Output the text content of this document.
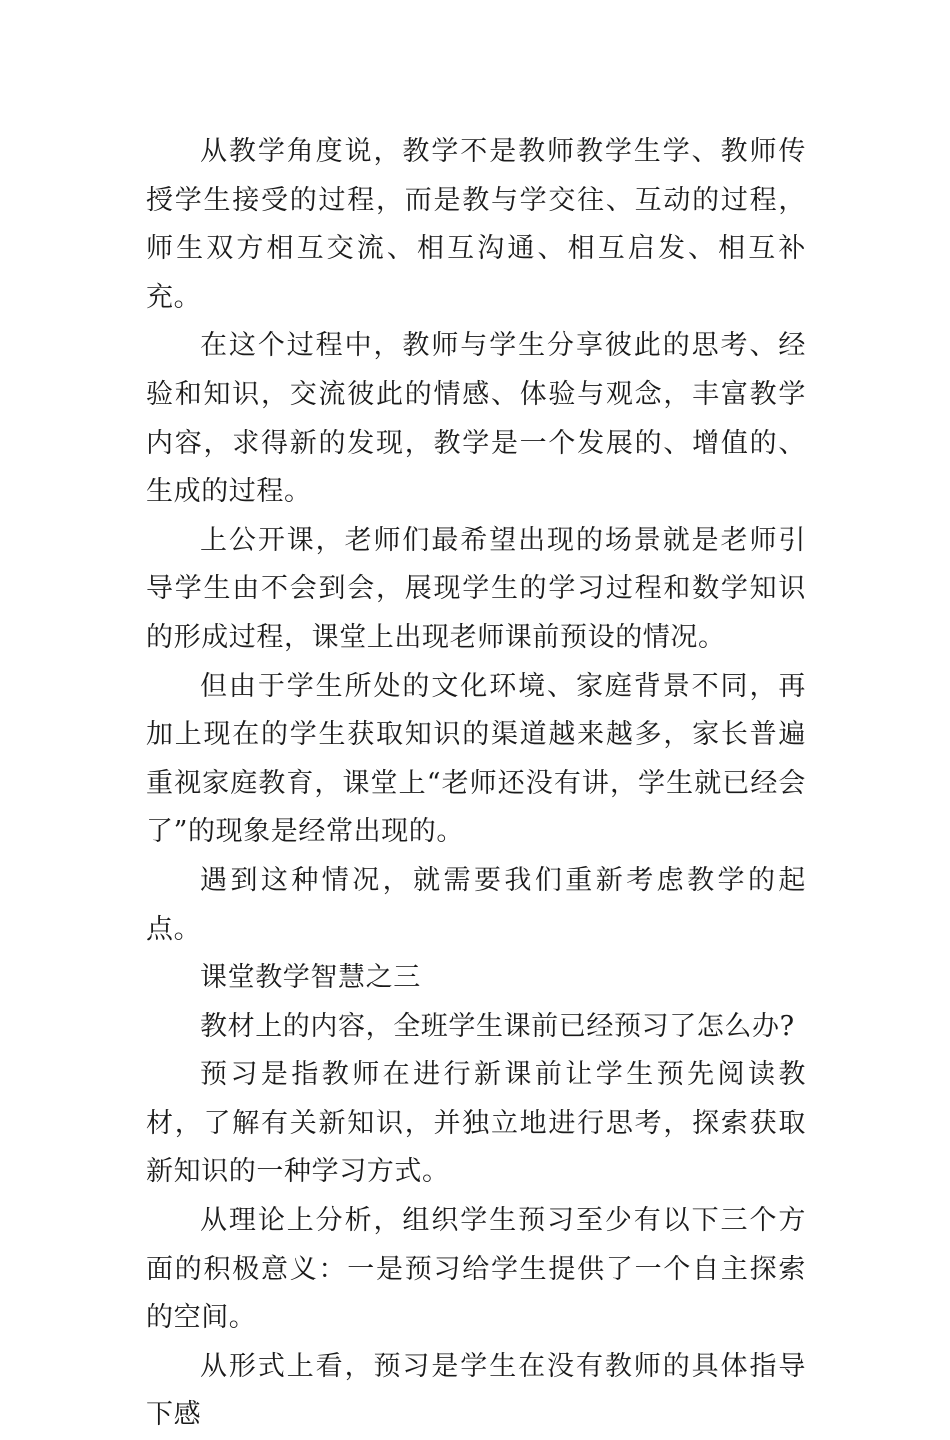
从教学角度说，教学不是教师教学生学、教师传授学生接受的过程，而是教与学交往、互动的过程，师生双方相互交流、相互沟通、相互启发、相互补充。

在这个过程中，教师与学生分享彼此的思考、经验和知识，交流彼此的情感、体验与观念，丰富教学内容，求得新的发现，教学是一个发展的、增值的、生成的过程。

上公开课，老师们最希望出现的场景就是老师引导学生由不会到会，展现学生的学习过程和数学知识的形成过程，课堂上出现老师课前预设的情况。

但由于学生所处的文化环境、家庭背景不同，再加上现在的学生获取知识的渠道越来越多，家长普遍重视家庭教育，课堂上“老师还没有讲，学生就已经会了”的现象是经常出现的。

遇到这种情况，就需要我们重新考虑教学的起点。

课堂教学智慧之三

教材上的内容，全班学生课前已经预习了怎么办?

预习是指教师在进行新课前让学生预先阅读教材，了解有关新知识，并独立地进行思考，探索获取新知识的一种学习方式。

从理论上分析，组织学生预习至少有以下三个方面的积极意义：一是预习给学生提供了一个自主探索的空间。

从形式上看，预习是学生在没有教师的具体指导下感
